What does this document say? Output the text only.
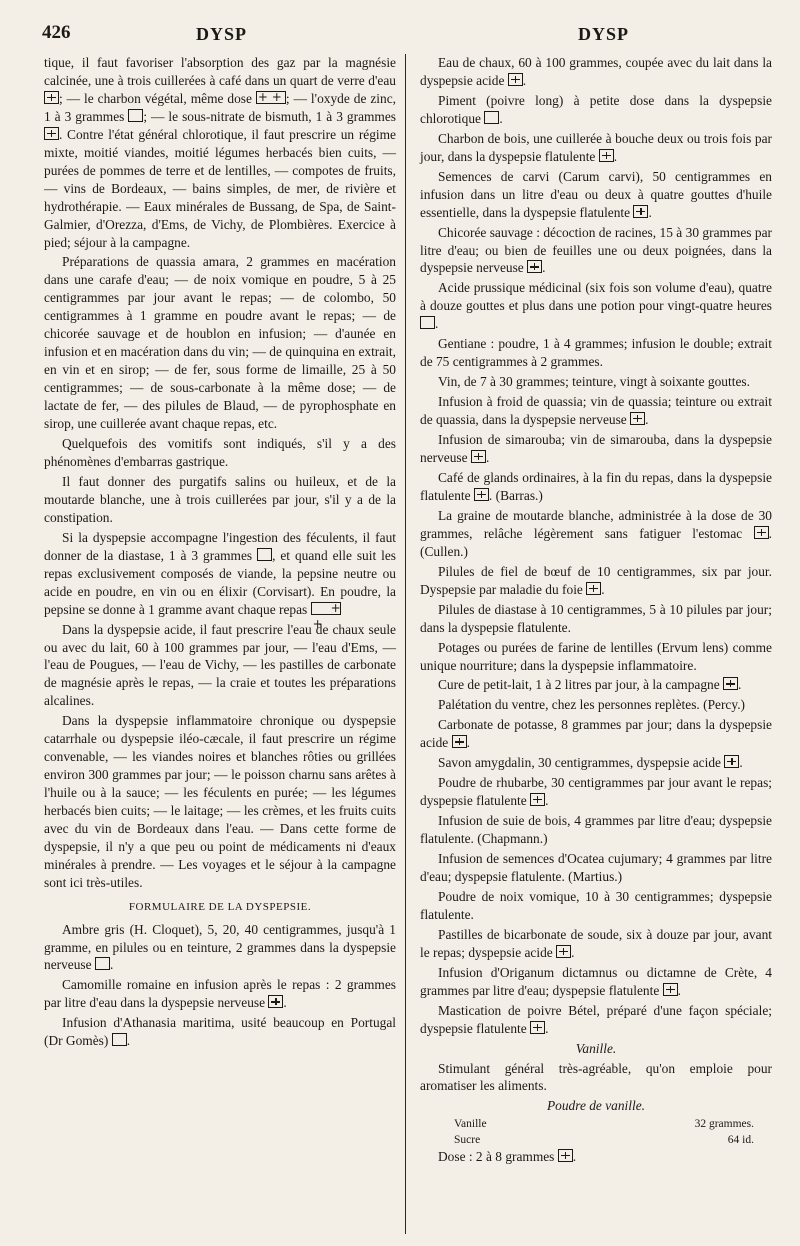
426	DYSP	DYSP

tique, il faut favoriser l'absorption des gaz par la magnésie calcinée, une à trois cuillerées à café dans un quart de verre d'eau ; — le charbon végétal, même dose + +	; — l'oxyde de zinc, 1 à 3 grammes ; — le sous-nitrate de bismuth, 1 à 3 grammes . Contre l'état général chlorotique, il faut prescrire un régime mixte, moitié viandes, moitié légumes herbacés bien cuits, — purées de pommes de terre et de lentilles, — compotes de fruits, — vins de Bordeaux, — bains simples, de mer, de rivière et hydrothérapie. — Eaux minérales de Bussang, de Spa, de Saint-Galmier, d'Orezza, d'Ems, de Vichy, de Plombières. Exercice à pied; séjour à la campagne.

Préparations de quassia amara, 2 grammes en macération dans une carafe d'eau; — de noix vomique en poudre, 5 à 25 centigrammes par jour avant le repas; — de colombo, 50 centigrammes à 1 gramme en poudre avant le repas; — de chicorée sauvage et de houblon en infusion; — d'aunée en infusion et en macération dans du vin; — de quinquina en extrait, en vin et en sirop; — de fer, sous forme de limaille, 25 à 50 centigrammes; — de sous-carbonate à la même dose; — de lactate de fer, — des pilules de Blaud, — de pyrophosphate en sirop, une cuillerée avant chaque repas, etc.

Quelquefois des vomitifs sont indiqués, s'il y a des phénomènes d'embarras gastrique.

Il faut donner des purgatifs salins ou huileux, et de la moutarde blanche, une à trois cuillerées par jour, s'il y a de la constipation.

Si la dyspepsie accompagne l'ingestion des féculents, il faut donner de la diastase, 1 à 3 grammes , et quand elle suit les repas exclusivement composés de viande, la pepsine neutre ou acide en poudre, en vin ou en élixir (Corvisart). En poudre, la pepsine se donne à 1 gramme avant chaque repas + +

Dans la dyspepsie acide, il faut prescrire l'eau de chaux seule ou avec du lait, 60 à 100 grammes par jour, — l'eau d'Ems, — l'eau de Pougues, — l'eau de Vichy, — les pastilles de carbonate de magnésie après le repas, — la craie et toutes les préparations alcalines.

Dans la dyspepsie inflammatoire chronique ou dyspepsie catarrhale ou dyspepsie iléo-cæcale, il faut prescrire un régime convenable, — les viandes noires et blanches rôties ou grillées environ 300 grammes par jour; — le poisson charnu sans arêtes à l'huile ou à la sauce; — les féculents en purée; — les légumes herbacés bien cuits; — le laitage; — les crèmes, et les fruits cuits avec du vin de Bordeaux dans l'eau. — Dans cette forme de dyspepsie, il n'y a que peu ou point de médicaments ni d'eaux minérales à prendre. — Les voyages et le séjour à la campagne sont ici très-utiles.

FORMULAIRE DE LA DYSPEPSIE.

Ambre gris (H. Cloquet), 5, 20, 40 centigrammes, jusqu'à 1 gramme, en pilules ou en teinture, 2 grammes dans la dyspepsie nerveuse .

Camomille romaine en infusion après le repas : 2 grammes par litre d'eau dans la dyspepsie nerveuse .

Infusion d'Athanasia maritima, usité beaucoup en Portugal (Dr Gomès) .

Eau de chaux, 60 à 100 grammes, coupée avec du lait dans la dyspepsie acide .

Piment (poivre long) à petite dose dans la dyspepsie chlorotique .

Charbon de bois, une cuillerée à bouche deux ou trois fois par jour, dans la dyspepsie flatulente .

Semences de carvi (Carum carvi), 50 centigrammes en infusion dans un litre d'eau ou deux à quatre gouttes d'huile essentielle, dans la dyspepsie flatulente .

Chicorée sauvage : décoction de racines, 15 à 30 grammes par litre d'eau; ou bien de feuilles une ou deux poignées, dans la dyspepsie nerveuse .

Acide prussique médicinal (six fois son volume d'eau), quatre à douze gouttes et plus dans une potion pour vingt-quatre heures .

Gentiane : poudre, 1 à 4 grammes; infusion le double; extrait de 75 centigrammes à 2 grammes.

Vin, de 7 à 30 grammes; teinture, vingt à soixante gouttes.

Infusion à froid de quassia; vin de quassia; teinture ou extrait de quassia, dans la dyspepsie nerveuse .

Infusion de simarouba; vin de simarouba, dans la dyspepsie nerveuse .

Café de glands ordinaires, à la fin du repas, dans la dyspepsie flatulente . (Barras.)

La graine de moutarde blanche, administrée à la dose de 30 grammes, relâche légèrement sans fatiguer l'estomac . (Cullen.)

Pilules de fiel de bœuf de 10 centigrammes, six par jour. Dyspepsie par maladie du foie .

Pilules de diastase à 10 centigrammes, 5 à 10 pilules par jour; dans la dyspepsie flatulente.

Potages ou purées de farine de lentilles (Ervum lens) comme unique nourriture; dans la dyspepsie inflammatoire.

Cure de petit-lait, 1 à 2 litres par jour, à la campagne .

Palétation du ventre, chez les personnes replètes. (Percy.)

Carbonate de potasse, 8 grammes par jour; dans la dyspepsie acide .

Savon amygdalin, 30 centigrammes, dyspepsie acide .

Poudre de rhubarbe, 30 centigrammes par jour avant le repas; dyspepsie flatulente .

Infusion de suie de bois, 4 grammes par litre d'eau; dyspepsie flatulente. (Chapmann.)

Infusion de semences d'Ocatea cujumary; 4 grammes par litre d'eau; dyspepsie flatulente. (Martius.)

Poudre de noix vomique, 10 à 30 centigrammes; dyspepsie flatulente.

Pastilles de bicarbonate de soude, six à douze par jour, avant le repas; dyspepsie acide .

Infusion d'Origanum dictamnus ou dictamne de Crète, 4 grammes par litre d'eau; dyspepsie flatulente .

Mastication de poivre Bétel, préparé d'une façon spéciale; dyspepsie flatulente .

Vanille.

Stimulant général très-agréable, qu'on emploie pour aromatiser les aliments.

Poudre de vanille.

Vanille	32 grammes.
Sucre	64 id.

Dose : 2 à 8 grammes .
